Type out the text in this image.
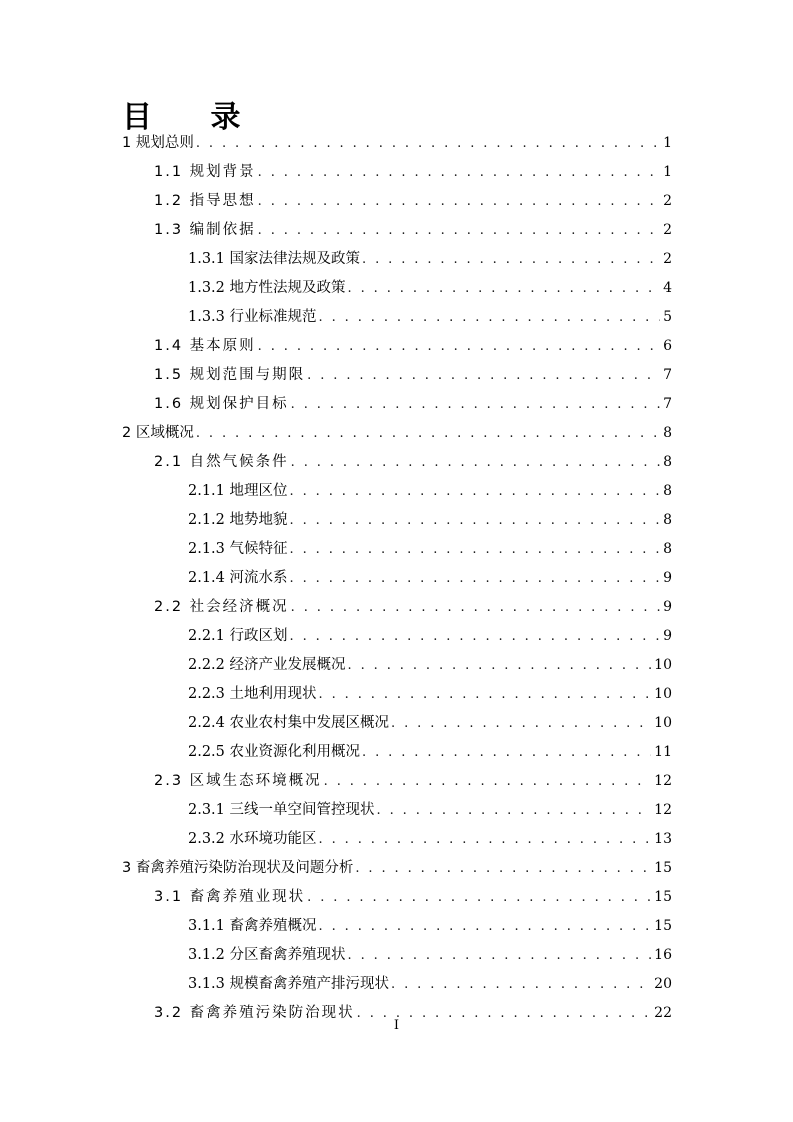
目 录
1 规划总则 . . .	1
1.1 规划背景 . . .	1
1.2 指导思想 . . .	2
1.3 编制依据 . . .	2
1.3.1 国家法律法规及政策 . . .	2
1.3.2 地方性法规及政策 . . .	4
1.3.3 行业标准规范 . . .	5
1.4 基本原则 . . .	6
1.5 规划范围与期限 . . .	7
1.6 规划保护目标 . . .	7
2 区域概况 . . .	8
2.1 自然气候条件 . . .	8
2.1.1 地理区位 . . .	8
2.1.2 地势地貌 . . .	8
2.1.3 气候特征 . . .	8
2.1.4 河流水系 . . .	9
2.2 社会经济概况 . . .	9
2.2.1 行政区划 . . .	9
2.2.2 经济产业发展概况 . . .	10
2.2.3 土地利用现状 . . .	10
2.2.4 农业农村集中发展区概况 . . .	10
2.2.5 农业资源化利用概况 . . .	11
2.3 区域生态环境概况 . . .	12
2.3.1 三线一单空间管控现状 . . .	12
2.3.2 水环境功能区 . . .	13
3 畜禽养殖污染防治现状及问题分析 . . .	15
3.1 畜禽养殖业现状 . . .	15
3.1.1 畜禽养殖概况 . . .	15
3.1.2 分区畜禽养殖现状 . . .	16
3.1.3 规模畜禽养殖产排污现状 . . .	20
3.2 畜禽养殖污染防治现状 . . .	22
I
